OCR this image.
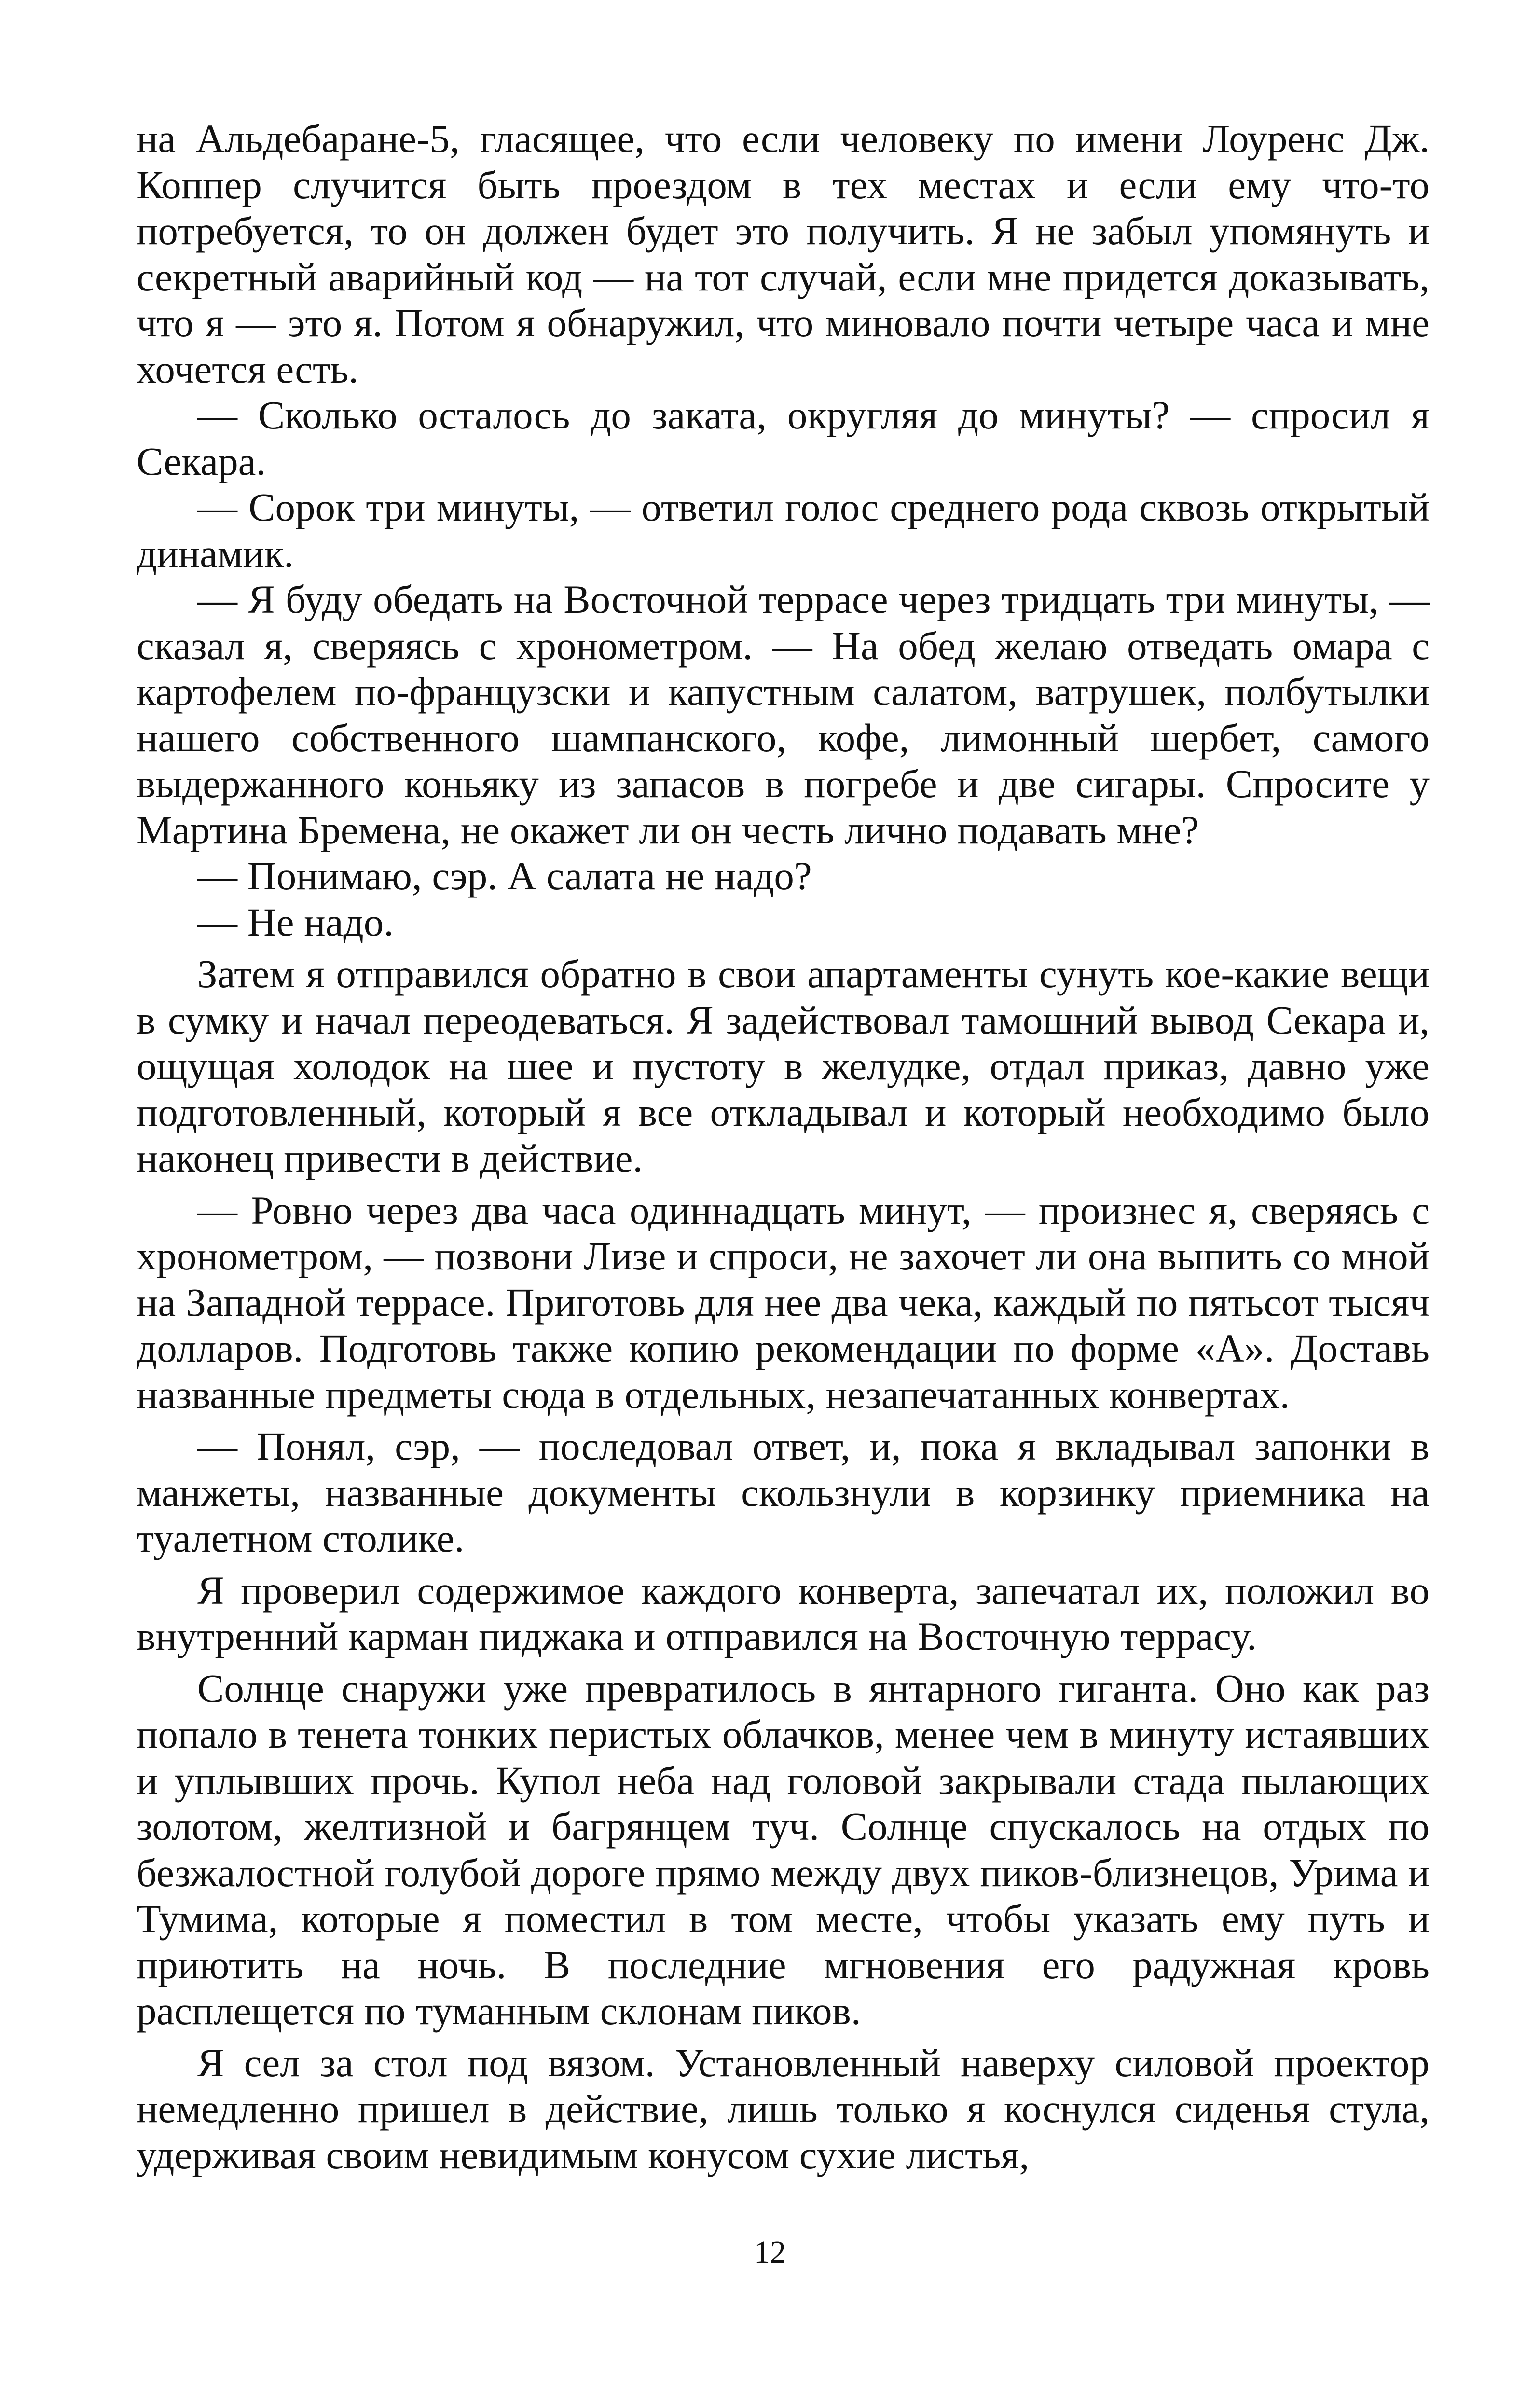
на Альдебаране-5, гласящее, что если человеку по имени Лоуренс Дж. Коппер случится быть проездом в тех местах и если ему что-то потребуется, то он должен будет это получить. Я не забыл упомянуть и секретный аварийный код — на тот случай, если мне придется доказывать, что я — это я. Потом я обнаружил, что миновало почти четыре часа и мне хочется есть.

— Сколько осталось до заката, округляя до минуты? — спросил я Секара.

— Сорок три минуты, — ответил голос среднего рода сквозь открытый динамик.

— Я буду обедать на Восточной террасе через тридцать три минуты, — сказал я, сверяясь с хронометром. — На обед желаю отведать омара с картофелем по-французски и капустным салатом, ватрушек, полбутылки нашего собственного шампанского, кофе, лимонный шербет, самого выдержанного коньяку из запасов в погребе и две сигары. Спросите у Мартина Бремена, не окажет ли он честь лично подавать мне?

— Понимаю, сэр. А салата не надо?

— Не надо.

Затем я отправился обратно в свои апартаменты сунуть кое-какие вещи в сумку и начал переодеваться. Я задействовал тамошний вывод Секара и, ощущая холодок на шее и пустоту в желудке, отдал приказ, давно уже подготовленный, который я все откладывал и который необходимо было наконец привести в действие.

— Ровно через два часа одиннадцать минут, — произнес я, сверяясь с хронометром, — позвони Лизе и спроси, не захочет ли она выпить со мной на Западной террасе. Приготовь для нее два чека, каждый по пятьсот тысяч долларов. Подготовь также копию рекомендации по форме «А». Доставь названные предметы сюда в отдельных, незапечатанных конвертах.

— Понял, сэр, — последовал ответ, и, пока я вкладывал запонки в манжеты, названные документы скользнули в корзинку приемника на туалетном столике.

Я проверил содержимое каждого конверта, запечатал их, положил во внутренний карман пиджака и отправился на Восточную террасу.

Солнце снаружи уже превратилось в янтарного гиганта. Оно как раз попало в тенета тонких перистых облачков, менее чем в минуту истаявших и уплывших прочь. Купол неба над головой закрывали стада пылающих золотом, желтизной и багрянцем туч. Солнце спускалось на отдых по безжалостной голубой дороге прямо между двух пиков-близнецов, Урима и Тумима, которые я поместил в том месте, чтобы указать ему путь и приютить на ночь. В последние мгновения его радужная кровь расплещется по туманным склонам пиков.

Я сел за стол под вязом. Установленный наверху силовой проектор немедленно пришел в действие, лишь только я коснулся сиденья стула, удерживая своим невидимым конусом сухие листья,

12
